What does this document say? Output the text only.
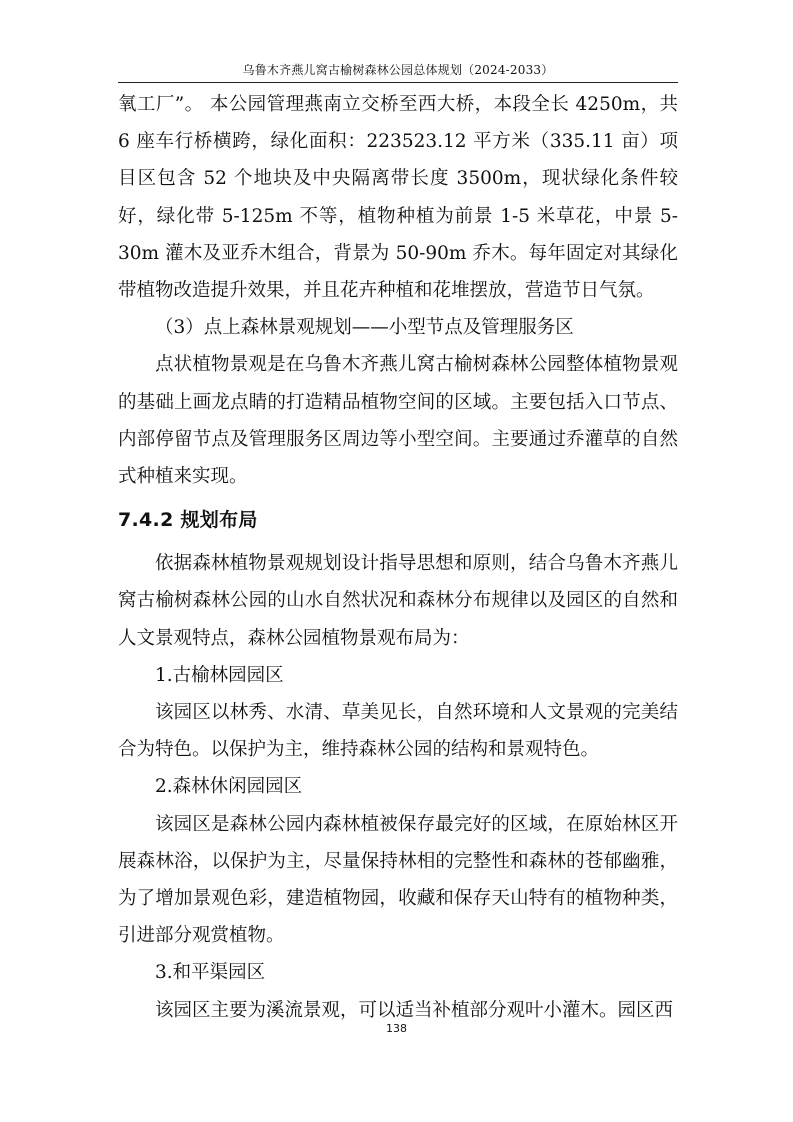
乌鲁木齐燕儿窝古榆树森林公园总体规划（2024-2033）

氧工厂”。 本公园管理燕南立交桥至西大桥，本段全长 4250m，共 6 座车行桥横跨，绿化面积：223523.12 平方米（335.11 亩）项目区包含 52 个地块及中央隔离带长度 3500m，现状绿化条件较好，绿化带 5-125m 不等，植物种植为前景 1-5 米草花，中景 5-30m 灌木及亚乔木组合，背景为 50-90m 乔木。每年固定对其绿化带植物改造提升效果，并且花卉种植和花堆摆放，营造节日气氛。

（3）点上森林景观规划——小型节点及管理服务区

点状植物景观是在乌鲁木齐燕儿窝古榆树森林公园整体植物景观的基础上画龙点睛的打造精品植物空间的区域。主要包括入口节点、内部停留节点及管理服务区周边等小型空间。主要通过乔灌草的自然式种植来实现。

7.4.2 规划布局

依据森林植物景观规划设计指导思想和原则，结合乌鲁木齐燕儿窝古榆树森林公园的山水自然状况和森林分布规律以及园区的自然和人文景观特点，森林公园植物景观布局为：

1.古榆林园园区

该园区以林秀、水清、草美见长，自然环境和人文景观的完美结合为特色。以保护为主，维持森林公园的结构和景观特色。

2.森林休闲园园区

该园区是森林公园内森林植被保存最完好的区域，在原始林区开展森林浴，以保护为主，尽量保持林相的完整性和森林的苍郁幽雅，为了增加景观色彩，建造植物园，收藏和保存天山特有的植物种类，引进部分观赏植物。

3.和平渠园区

该园区主要为溪流景观，可以适当补植部分观叶小灌木。园区西

138
